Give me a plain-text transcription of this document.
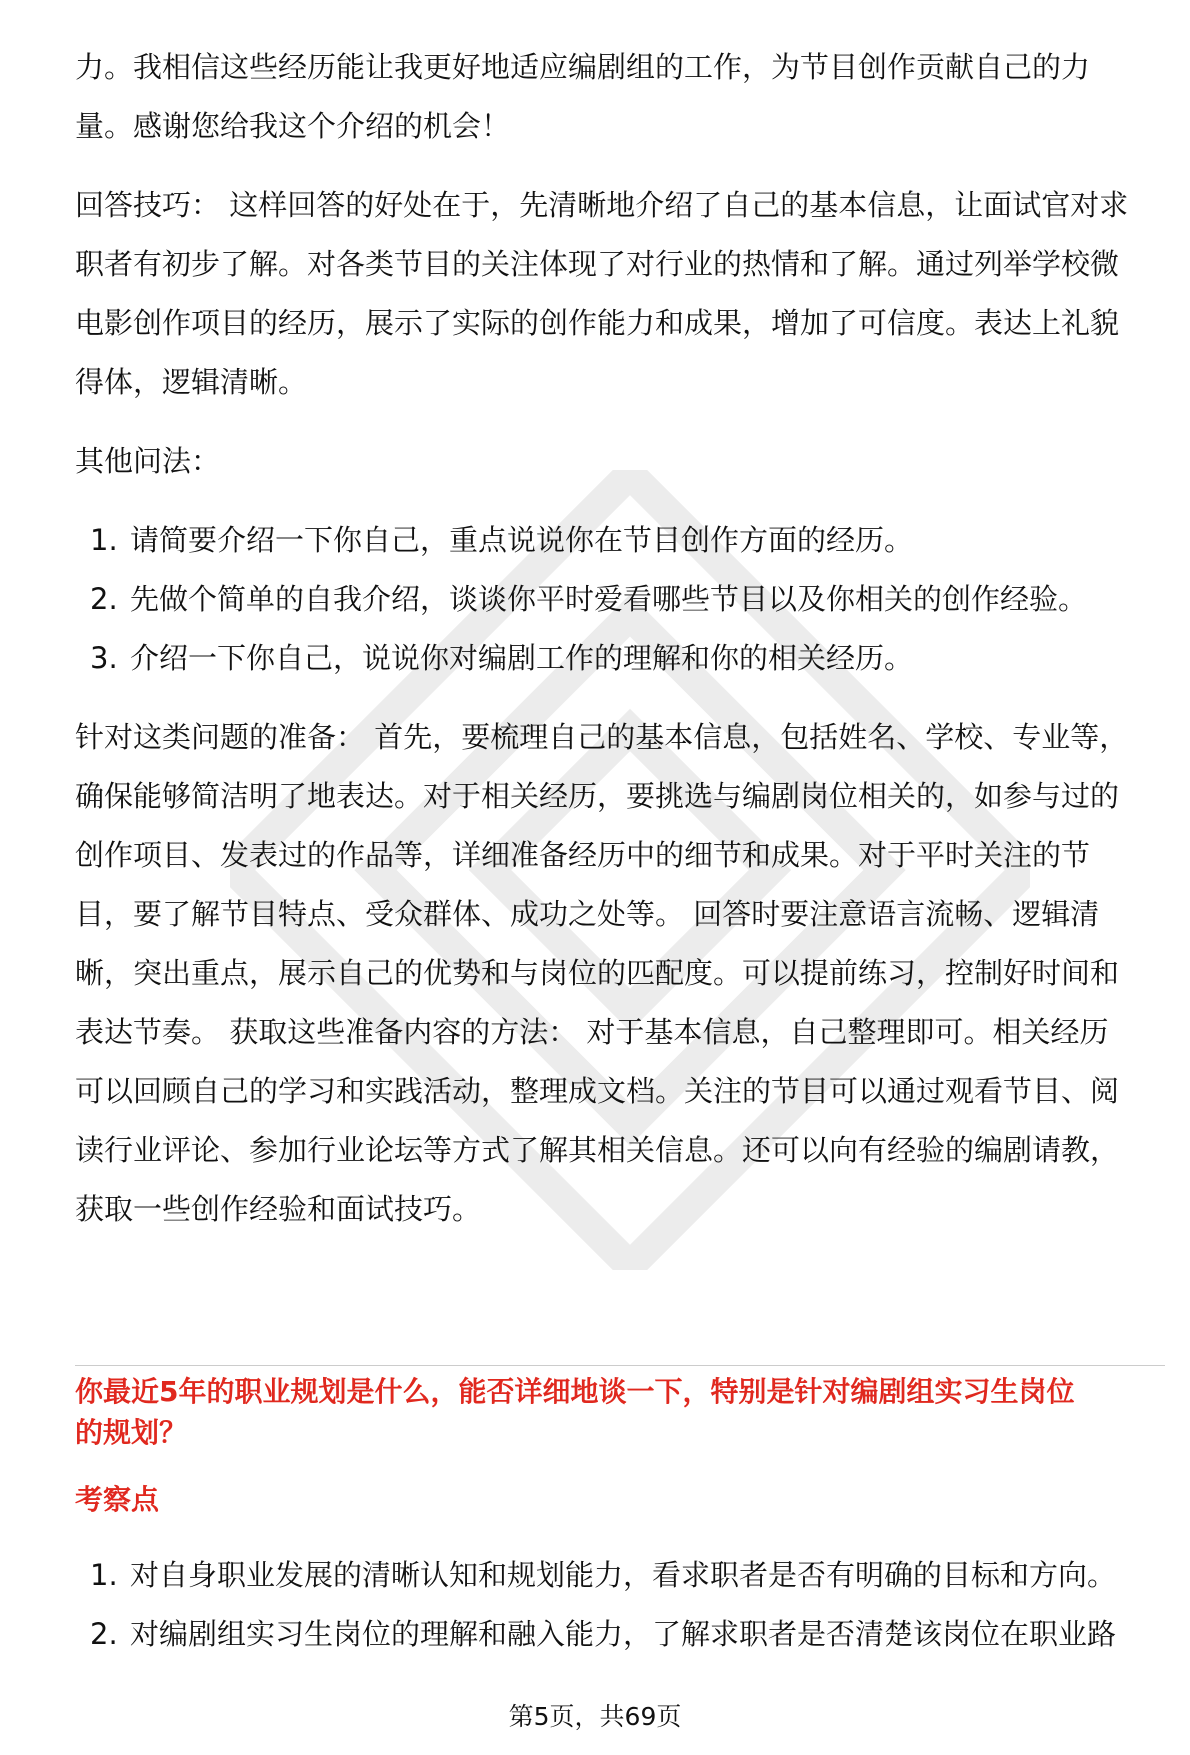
力。我相信这些经历能让我更好地适应编剧组的工作，为节目创作贡献自己的力

量。感谢您给我这个介绍的机会！

回答技巧： 这样回答的好处在于，先清晰地介绍了自己的基本信息，让面试官对求

职者有初步了解。对各类节目的关注体现了对行业的热情和了解。通过列举学校微

电影创作项目的经历，展示了实际的创作能力和成果，增加了可信度。表达上礼貌

得体，逻辑清晰。

其他问法：

1. 请简要介绍一下你自己，重点说说你在节目创作方面的经历。
2. 先做个简单的自我介绍，谈谈你平时爱看哪些节目以及你相关的创作经验。
3. 介绍一下你自己，说说你对编剧工作的理解和你的相关经历。

针对这类问题的准备： 首先，要梳理自己的基本信息，包括姓名、学校、专业等，

确保能够简洁明了地表达。对于相关经历，要挑选与编剧岗位相关的，如参与过的

创作项目、发表过的作品等，详细准备经历中的细节和成果。对于平时关注的节

目，要了解节目特点、受众群体、成功之处等。 回答时要注意语言流畅、逻辑清

晰，突出重点，展示自己的优势和与岗位的匹配度。可以提前练习，控制好时间和

表达节奏。 获取这些准备内容的方法： 对于基本信息，自己整理即可。相关经历

可以回顾自己的学习和实践活动，整理成文档。关注的节目可以通过观看节目、阅

读行业评论、参加行业论坛等方式了解其相关信息。还可以向有经验的编剧请教，

获取一些创作经验和面试技巧。

你最近5年的职业规划是什么，能否详细地谈一下，特别是针对编剧组实习生岗位
的规划？
考察点
1. 对自身职业发展的清晰认知和规划能力，看求职者是否有明确的目标和方向。
2. 对编剧组实习生岗位的理解和融入能力，了解求职者是否清楚该岗位在职业路
第5页，共69页
